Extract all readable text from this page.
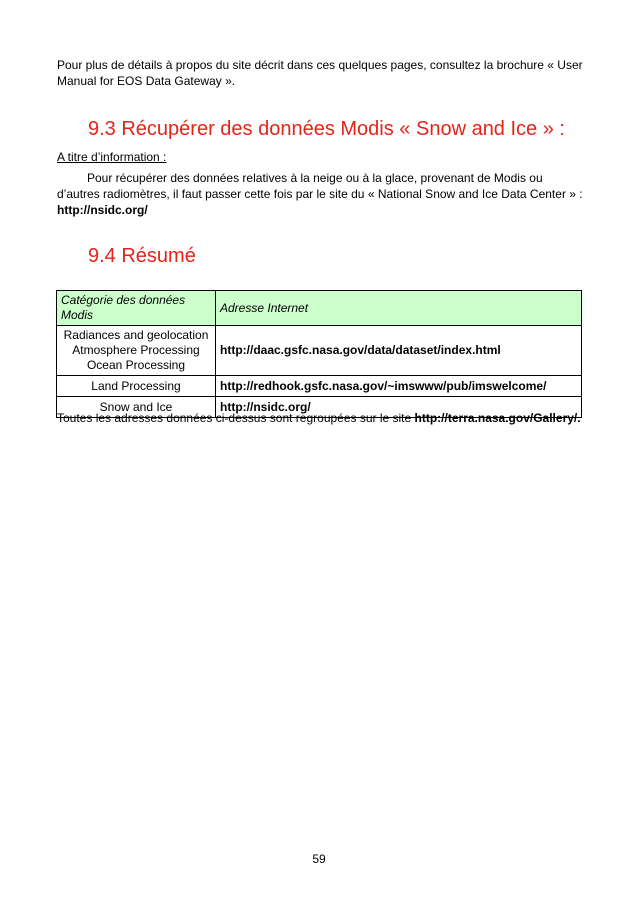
Pour plus de détails à propos du site décrit dans ces quelques pages, consultez la brochure « User Manual for EOS Data Gateway ».
9.3 Récupérer des données Modis « Snow and Ice » :
A titre d’information :
Pour récupérer des données relatives à la neige ou à la glace, provenant de Modis ou d’autres radiomètres, il faut passer cette fois par le site du « National Snow and Ice Data Center » :
http://nsidc.org/
9.4 Résumé
Catégorie des données Modis	Adresse Internet

Radiances and geolocation
Atmosphere Processing
Ocean Processing	http://daac.gsfc.nasa.gov/data/dataset/index.html
Land Processing	http://redhook.gsfc.nasa.gov/~imswww/pub/imswelcome/
Snow and Ice	http://nsidc.org/
Toutes les adresses données ci-dessus sont regroupées sur le site http://terra.nasa.gov/Gallery/.
59
